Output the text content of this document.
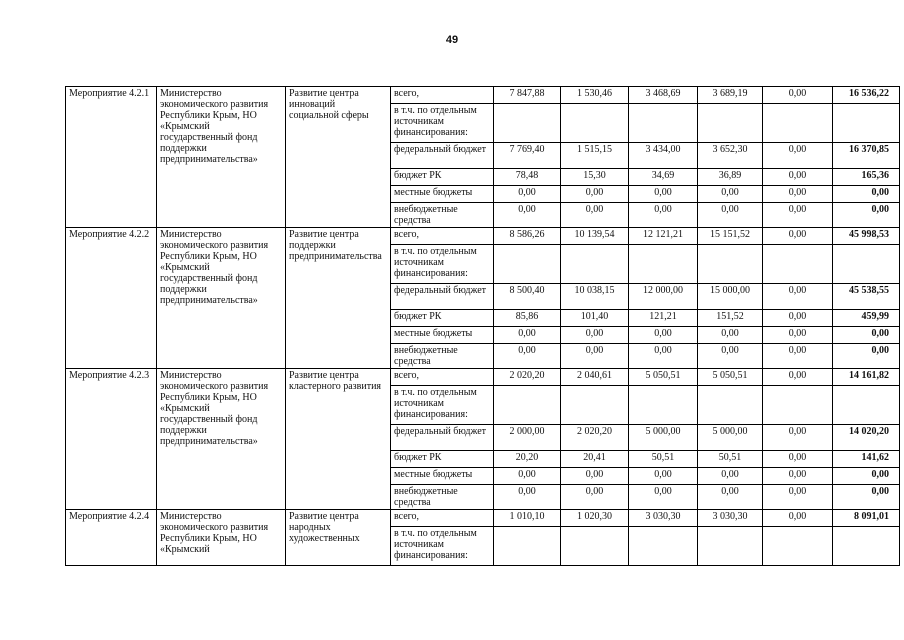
49
Мероприятие 4.2.1	Министерство экономического развития Республики Крым, НО «Крымский государственный фонд поддержки предпринимательства»	Развитие центра инноваций социальной сферы	всего,	7 847,88	1 530,46	3 468,69	3 689,19	0,00	16 536,22
			в т.ч. по отдельным источникам финансирования:						
			федеральный бюджет	7 769,40	1 515,15	3 434,00	3 652,30	0,00	16 370,85
			бюджет РК	78,48	15,30	34,69	36,89	0,00	165,36
			местные бюджеты	0,00	0,00	0,00	0,00	0,00	0,00
			внебюджетные средства	0,00	0,00	0,00	0,00	0,00	0,00
Мероприятие 4.2.2	Министерство экономического развития Республики Крым, НО «Крымский государственный фонд поддержки предпринимательства»	Развитие центра поддержки предпринимательства	всего,	8 586,26	10 139,54	12 121,21	15 151,52	0,00	45 998,53
			в т.ч. по отдельным источникам финансирования:						
			федеральный бюджет	8 500,40	10 038,15	12 000,00	15 000,00	0,00	45 538,55
			бюджет РК	85,86	101,40	121,21	151,52	0,00	459,99
			местные бюджеты	0,00	0,00	0,00	0,00	0,00	0,00
			внебюджетные средства	0,00	0,00	0,00	0,00	0,00	0,00
Мероприятие 4.2.3	Министерство экономического развития Республики Крым, НО «Крымский государственный фонд поддержки предпринимательства»	Развитие центра кластерного развития	всего,	2 020,20	2 040,61	5 050,51	5 050,51	0,00	14 161,82
			в т.ч. по отдельным источникам финансирования:						
			федеральный бюджет	2 000,00	2 020,20	5 000,00	5 000,00	0,00	14 020,20
			бюджет РК	20,20	20,41	50,51	50,51	0,00	141,62
			местные бюджеты	0,00	0,00	0,00	0,00	0,00	0,00
			внебюджетные средства	0,00	0,00	0,00	0,00	0,00	0,00
Мероприятие 4.2.4	Министерство экономического развития Республики Крым, НО «Крымский	Развитие центра народных художественных	всего,	1 010,10	1 020,30	3 030,30	3 030,30	0,00	8 091,01
			в т.ч. по отдельным источникам финансирования:						
